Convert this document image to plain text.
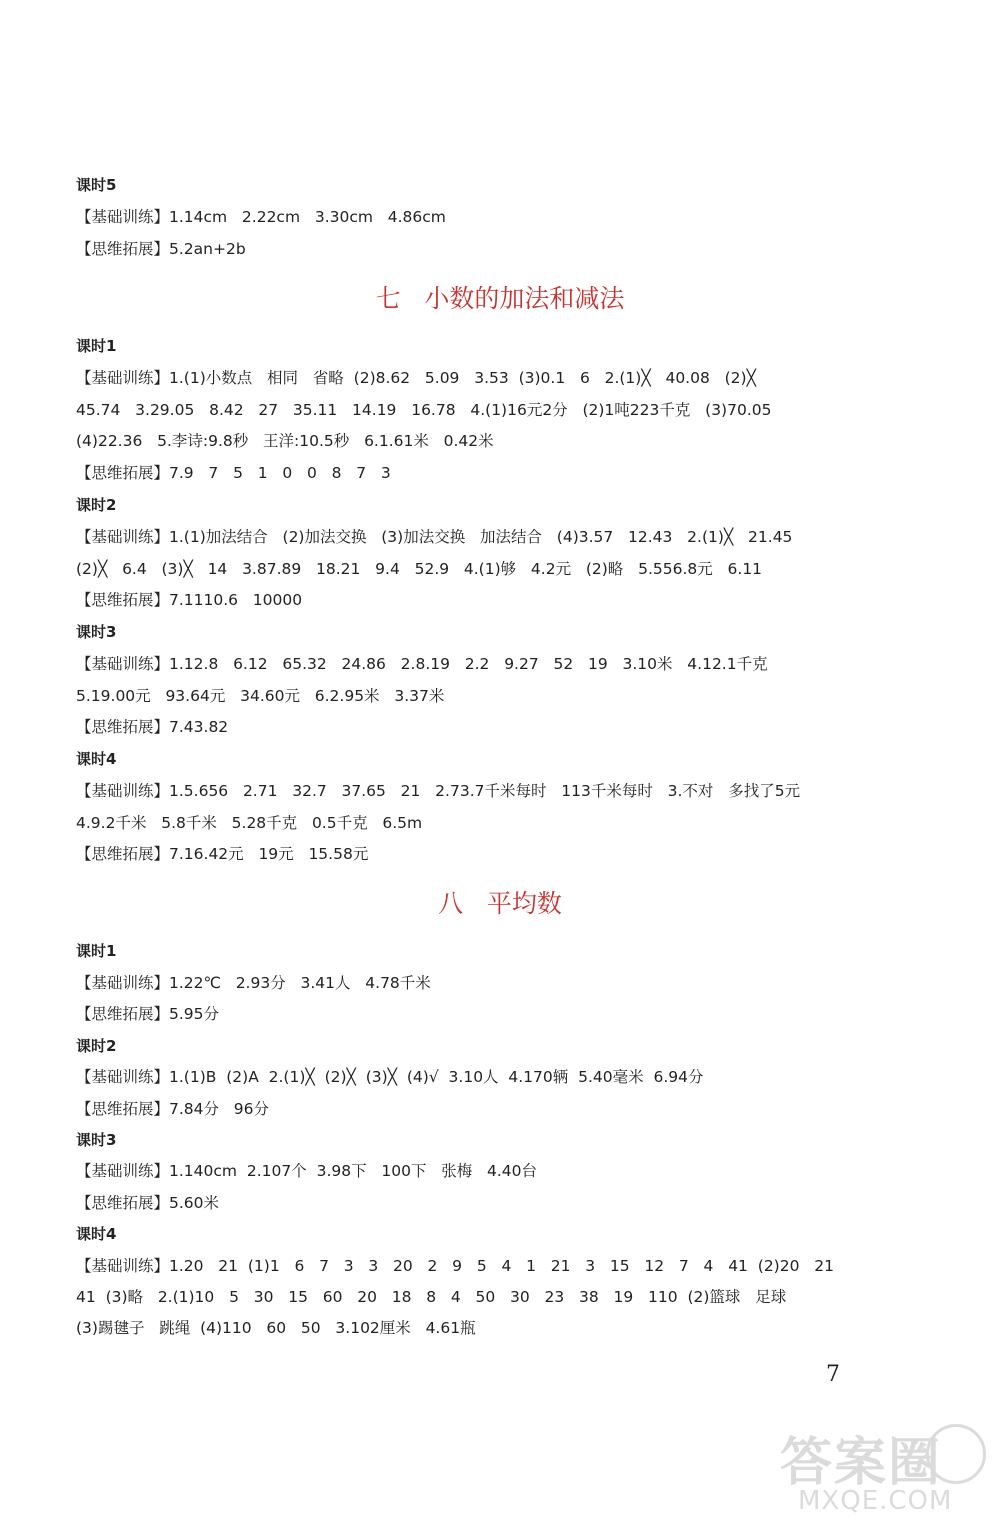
课时5
【基础训练】1.14cm   2.22cm   3.30cm   4.86cm
【思维拓展】5.2an+2b
七   小数的加法和减法
课时1
【基础训练】1.(1)小数点   相同   省略  (2)8.62   5.09   3.53  (3)0.1   6   2.(1)╳   40.08   (2)╳
45.74   3.29.05   8.42   27   35.11   14.19   16.78   4.(1)16元2分   (2)1吨223千克   (3)70.05
(4)22.36   5.李诗:9.8秒   王洋:10.5秒   6.1.61米   0.42米
【思维拓展】7.9   7   5   1   0   0   8   7   3
课时2
【基础训练】1.(1)加法结合   (2)加法交换   (3)加法交换   加法结合   (4)3.57   12.43   2.(1)╳   21.45
(2)╳   6.4   (3)╳   14   3.87.89   18.21   9.4   52.9   4.(1)够   4.2元   (2)略   5.556.8元   6.11
【思维拓展】7.1110.6   10000
课时3
【基础训练】1.12.8   6.12   65.32   24.86   2.8.19   2.2   9.27   52   19   3.10米   4.12.1千克
5.19.00元   93.64元   34.60元   6.2.95米   3.37米
【思维拓展】7.43.82
课时4
【基础训练】1.5.656   2.71   32.7   37.65   21   2.73.7千米每时   113千米每时   3.不对   多找了5元
4.9.2千米   5.8千米   5.28千克   0.5千克   6.5m
【思维拓展】7.16.42元   19元   15.58元
八   平均数
课时1
【基础训练】1.22℃   2.93分   3.41人   4.78千米
【思维拓展】5.95分
课时2
【基础训练】1.(1)B  (2)A  2.(1)╳  (2)╳  (3)╳  (4)√  3.10人  4.170辆  5.40毫米  6.94分
【思维拓展】7.84分   96分
课时3
【基础训练】1.140cm  2.107个  3.98下   100下   张梅   4.40台
【思维拓展】5.60米
课时4
【基础训练】1.20   21  (1)1   6   7   3   3   20   2   9   5   4   1   21   3   15   12   7   4   41  (2)20   21
41  (3)略   2.(1)10   5   30   15   60   20   18   8   4   50   30   23   38   19   110  (2)篮球   足球
(3)踢毽子   跳绳  (4)110   60   50   3.102厘米   4.61瓶
7
答案圈
MXQE.COM
